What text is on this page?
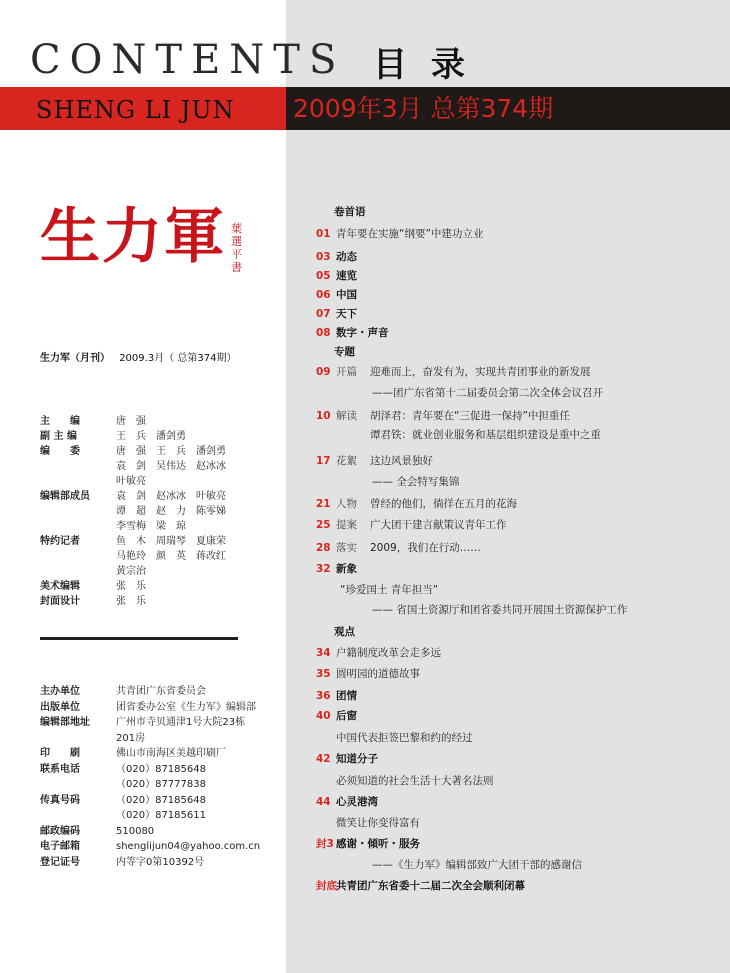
CONTENTS 目 录
SHENG LI JUN 2009年3月 总第374期
生力軍 葉選平書
生力军（月刊） 2009.3月（ 总第374期）
主　　编	唐　强
副 主 编	王　兵	潘剑勇
编　　委	唐　强	王　兵	潘剑勇
袁　剑	吴伟达	赵冰冰
叶敏亮
编辑部成员	袁　剑	赵冰冰	叶敏亮
谭　超	赵　力	陈零娣
李雪梅	梁　琼
特约记者	鱼　木	周瑞琴	夏康荣
马艳玲	颜　英	蒋改红
黄宗治
美术编辑	张　乐
封面设计	张　乐
主办单位	共青团广东省委员会
出版单位	团省委办公室《生力军》编辑部
编辑部地址	广州市寺贝通津1号大院23栋
201房
印　　刷	佛山市南海区美越印刷厂
联系电话	（020）87185648
（020）87777838
传真号码	（020）87185648
（020）87185611
邮政编码	510080
电子邮箱	shenglijun04@yahoo.com.cn
登记证号	内等字0第10392号
卷首语
01 青年要在实施“纲要”中建功立业
03 动态
05 速览
06 中国
07 天下
08 数字・声音
专题
09 开篇 迎难而上，奋发有为，实现共青团事业的新发展
——团广东省第十二届委员会第二次全体会议召开
10 解读 胡泽君：青年要在“三促进一保持”中担重任
谭君铁：就业创业服务和基层组织建设是重中之重
17 花絮 这边风景独好
—— 全会特写集锦
21 人物 曾经的他们，徜徉在五月的花海
25 提案 广大团干建言献策议青年工作
28 落实 2009，我们在行动……
32 新象
“珍爱国土 青年担当”
—— 省国土资源厅和团省委共同开展国土资源保护工作
观点
34 户籍制度改革会走多远
35 圆明园的道德故事
36 团情
40 后窗
中国代表拒签巴黎和约的经过
42 知道分子
必须知道的社会生活十大著名法则
44 心灵港湾
微笑让你变得富有
封3 感谢・倾听・服务
——《生力军》编辑部致广大团干部的感谢信
封底共青团广东省委十二届二次全会顺利闭幕
